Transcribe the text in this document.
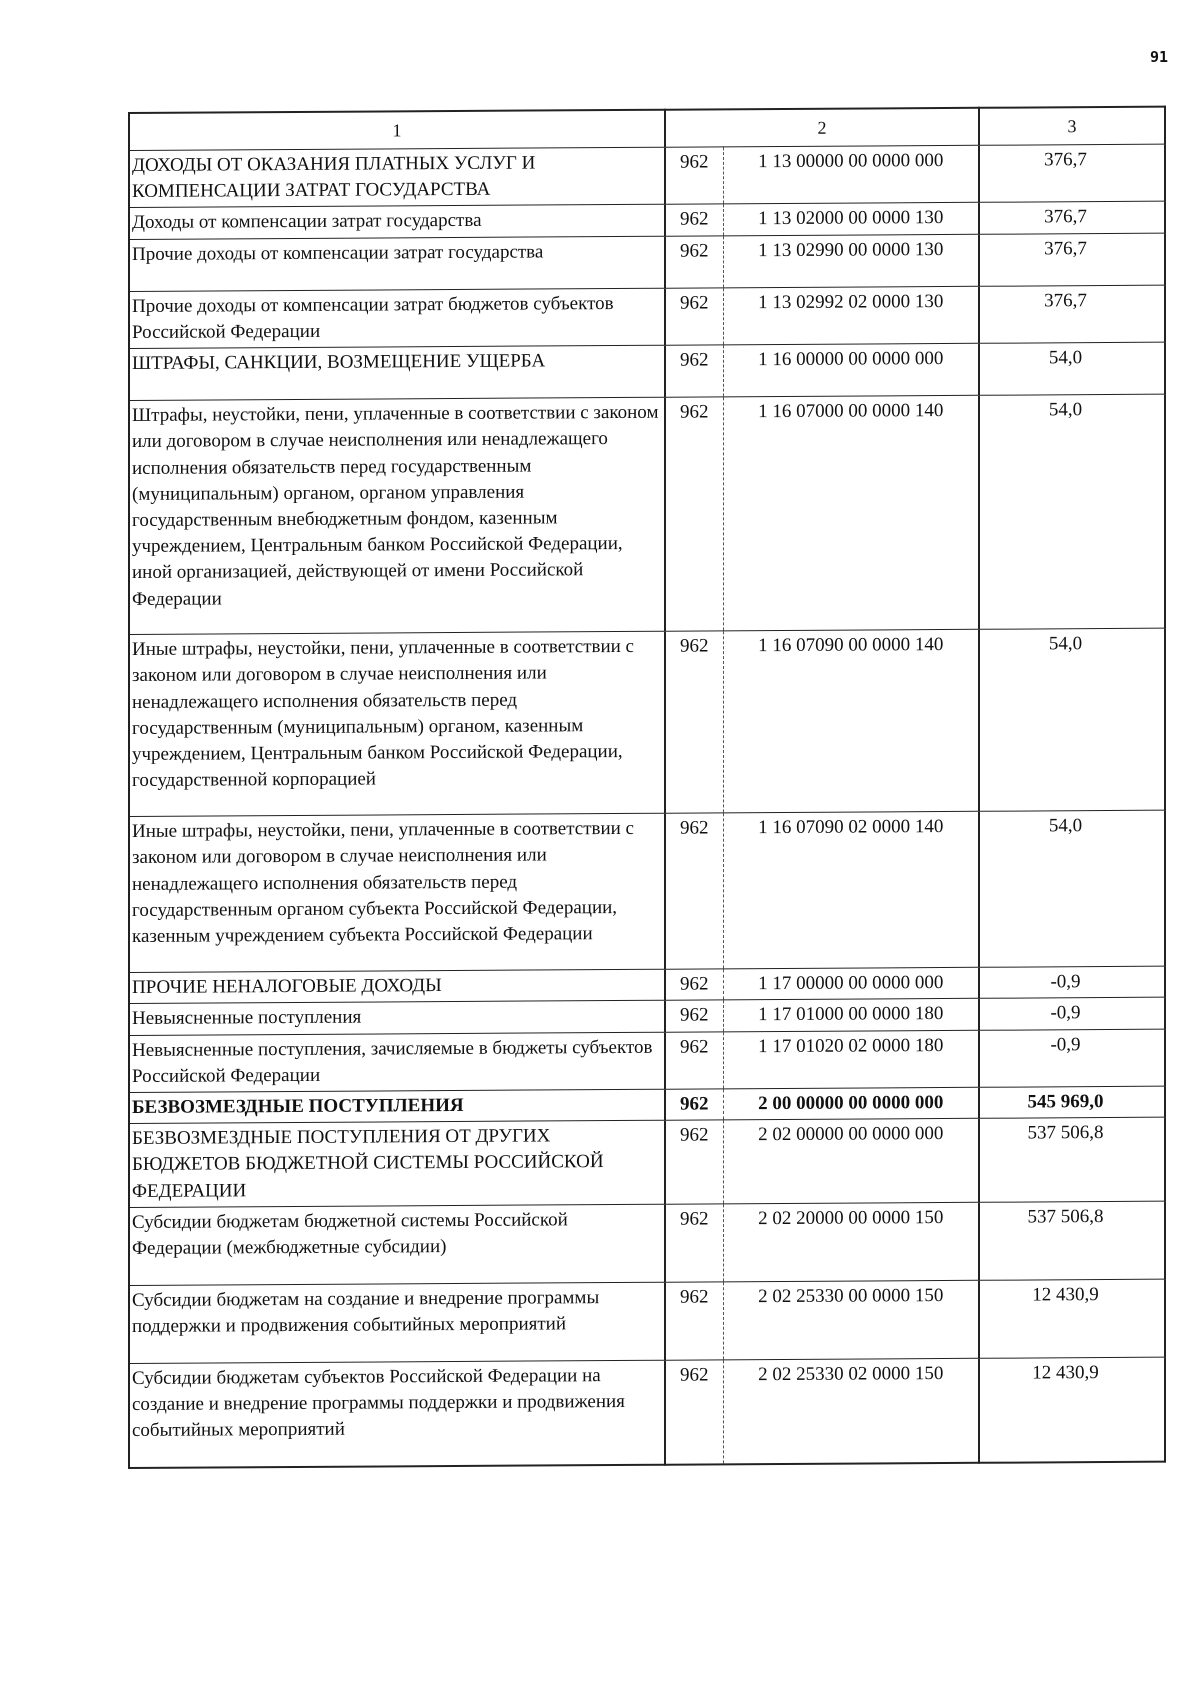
91
1	2		3
ДОХОДЫ ОТ ОКАЗАНИЯ ПЛАТНЫХ УСЛУГ И КОМПЕНСАЦИИ ЗАТРАТ ГОСУДАРСТВА	962	1 13 00000 00 0000 000	376,7
Доходы от компенсации затрат государства	962	1 13 02000 00 0000 130	376,7
Прочие доходы от компенсации затрат государства	962	1 13 02990 00 0000 130	376,7
Прочие доходы от компенсации затрат бюджетов субъектов Российской Федерации	962	1 13 02992 02 0000 130	376,7
ШТРАФЫ, САНКЦИИ, ВОЗМЕЩЕНИЕ УЩЕРБА	962	1 16 00000 00 0000 000	54,0
Штрафы, неустойки, пени, уплаченные в соответствии с законом или договором в случае неисполнения или ненадлежащего исполнения обязательств перед государственным (муниципальным) органом, органом управления государственным внебюджетным фондом, казенным учреждением, Центральным банком Российской Федерации, иной организацией, действующей от имени Российской Федерации	962	1 16 07000 00 0000 140	54,0
Иные штрафы, неустойки, пени, уплаченные в соответствии с законом или договором в случае неисполнения или ненадлежащего исполнения обязательств перед государственным (муниципальным) органом, казенным учреждением, Центральным банком Российской Федерации, государственной корпорацией	962	1 16 07090 00 0000 140	54,0
Иные штрафы, неустойки, пени, уплаченные в соответствии с законом или договором в случае неисполнения или ненадлежащего исполнения обязательств перед государственным органом субъекта Российской Федерации, казенным учреждением субъекта Российской Федерации	962	1 16 07090 02 0000 140	54,0
ПРОЧИЕ НЕНАЛОГОВЫЕ ДОХОДЫ	962	1 17 00000 00 0000 000	-0,9
Невыясненные поступления	962	1 17 01000 00 0000 180	-0,9
Невыясненные поступления, зачисляемые в бюджеты субъектов Российской Федерации	962	1 17 01020 02 0000 180	-0,9
БЕЗВОЗМЕЗДНЫЕ ПОСТУПЛЕНИЯ	962	2 00 00000 00 0000 000	545 969,0
БЕЗВОЗМЕЗДНЫЕ ПОСТУПЛЕНИЯ ОТ ДРУГИХ БЮДЖЕТОВ БЮДЖЕТНОЙ СИСТЕМЫ РОССИЙСКОЙ ФЕДЕРАЦИИ	962	2 02 00000 00 0000 000	537 506,8
Субсидии бюджетам бюджетной системы Российской Федерации (межбюджетные субсидии)	962	2 02 20000 00 0000 150	537 506,8
Субсидии бюджетам на создание и внедрение программы поддержки и продвижения событийных мероприятий	962	2 02 25330 00 0000 150	12 430,9
Субсидии бюджетам субъектов Российской Федерации на создание и внедрение программы поддержки и продвижения событийных мероприятий	962	2 02 25330 02 0000 150	12 430,9
